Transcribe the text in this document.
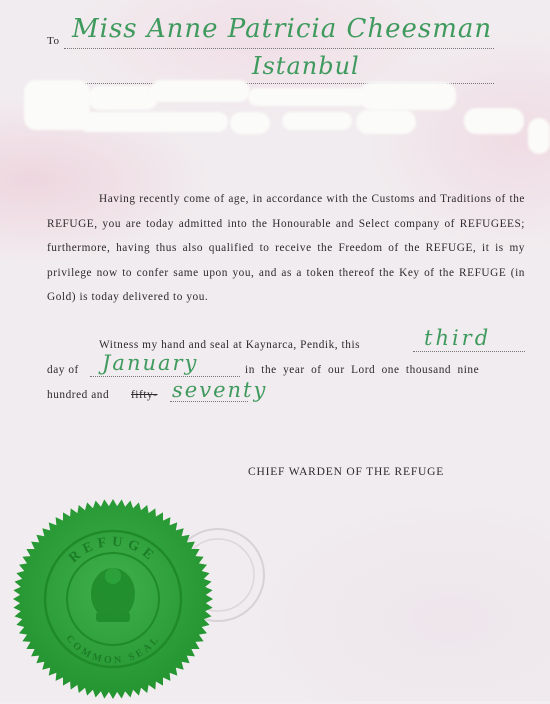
To Miss Anne Patricia Cheesman
Istanbul
Having recently come of age, in accordance with the Customs and Traditions of the REFUGE, you are today admitted into the Honourable and Select company of REFUGEES; furthermore, having thus also qualified to receive the Freedom of the REFUGE, it is my privilege now to confer same upon you, and as a token thereof the Key of the REFUGE (in Gold) is today delivered to you.
Witness my hand and seal at Kaynarca, Pendik, this	third
day of January	in the year of our Lord one thousand nine
hundred and fifty- seventy
CHIEF WARDEN OF THE REFUGE
REFUGE
COMMON SEAL
